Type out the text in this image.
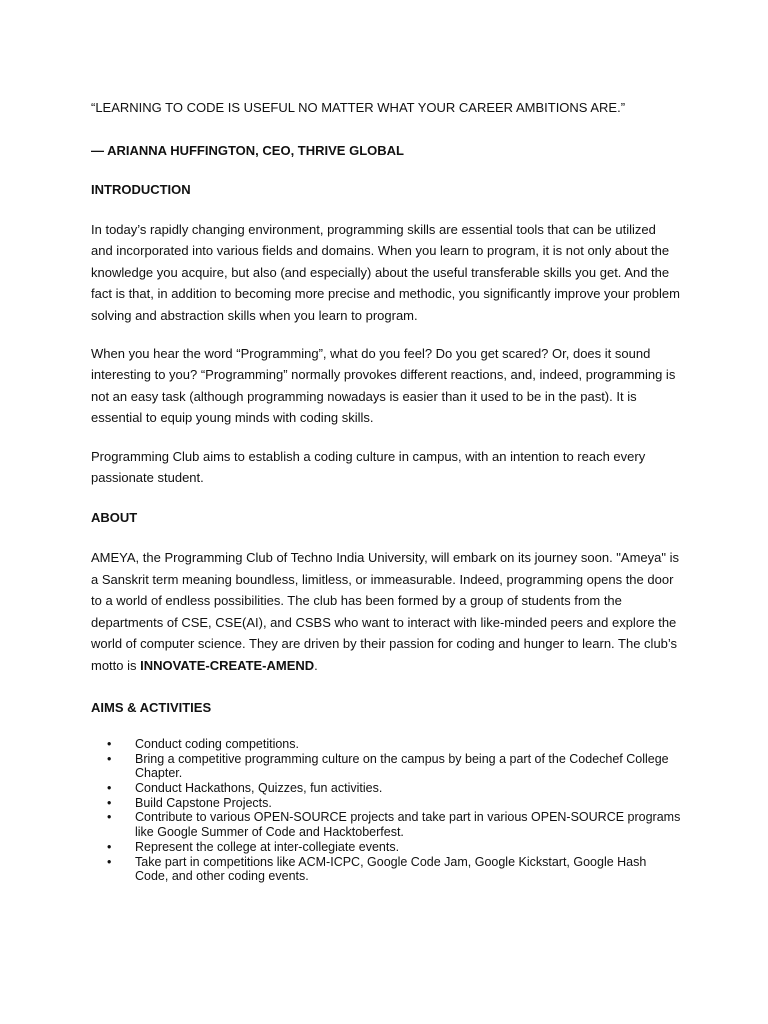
“LEARNING TO CODE IS USEFUL NO MATTER WHAT YOUR CAREER AMBITIONS ARE.”

— ARIANNA HUFFINGTON, CEO, THRIVE GLOBAL

INTRODUCTION

In today’s rapidly changing environment, programming skills are essential tools that can be utilized and incorporated into various fields and domains. When you learn to program, it is not only about the knowledge you acquire, but also (and especially) about the useful transferable skills you get. And the fact is that, in addition to becoming more precise and methodic, you significantly improve your problem solving and abstraction skills when you learn to program.

When you hear the word “Programming”, what do you feel? Do you get scared? Or, does it sound interesting to you? “Programming” normally provokes different reactions, and, indeed, programming is not an easy task (although programming nowadays is easier than it used to be in the past). It is essential to equip young minds with coding skills.

Programming Club aims to establish a coding culture in campus, with an intention to reach every passionate student.

ABOUT

AMEYA, the Programming Club of Techno India University, will embark on its journey soon. "Ameya" is a Sanskrit term meaning boundless, limitless, or immeasurable. Indeed, programming opens the door to a world of endless possibilities. The club has been formed by a group of students from the departments of CSE, CSE(AI), and CSBS who want to interact with like-minded peers and explore the world of computer science. They are driven by their passion for coding and hunger to learn. The club’s motto is INNOVATE-CREATE-AMEND.

AIMS & ACTIVITIES
• Conduct coding competitions.
• Bring a competitive programming culture on the campus by being a part of the Codechef College Chapter.
• Conduct Hackathons, Quizzes, fun activities.
• Build Capstone Projects.
• Contribute to various OPEN-SOURCE projects and take part in various OPEN-SOURCE programs like Google Summer of Code and Hacktoberfest.
• Represent the college at inter-collegiate events.
• Take part in competitions like ACM-ICPC, Google Code Jam, Google Kickstart, Google Hash Code, and other coding events.
